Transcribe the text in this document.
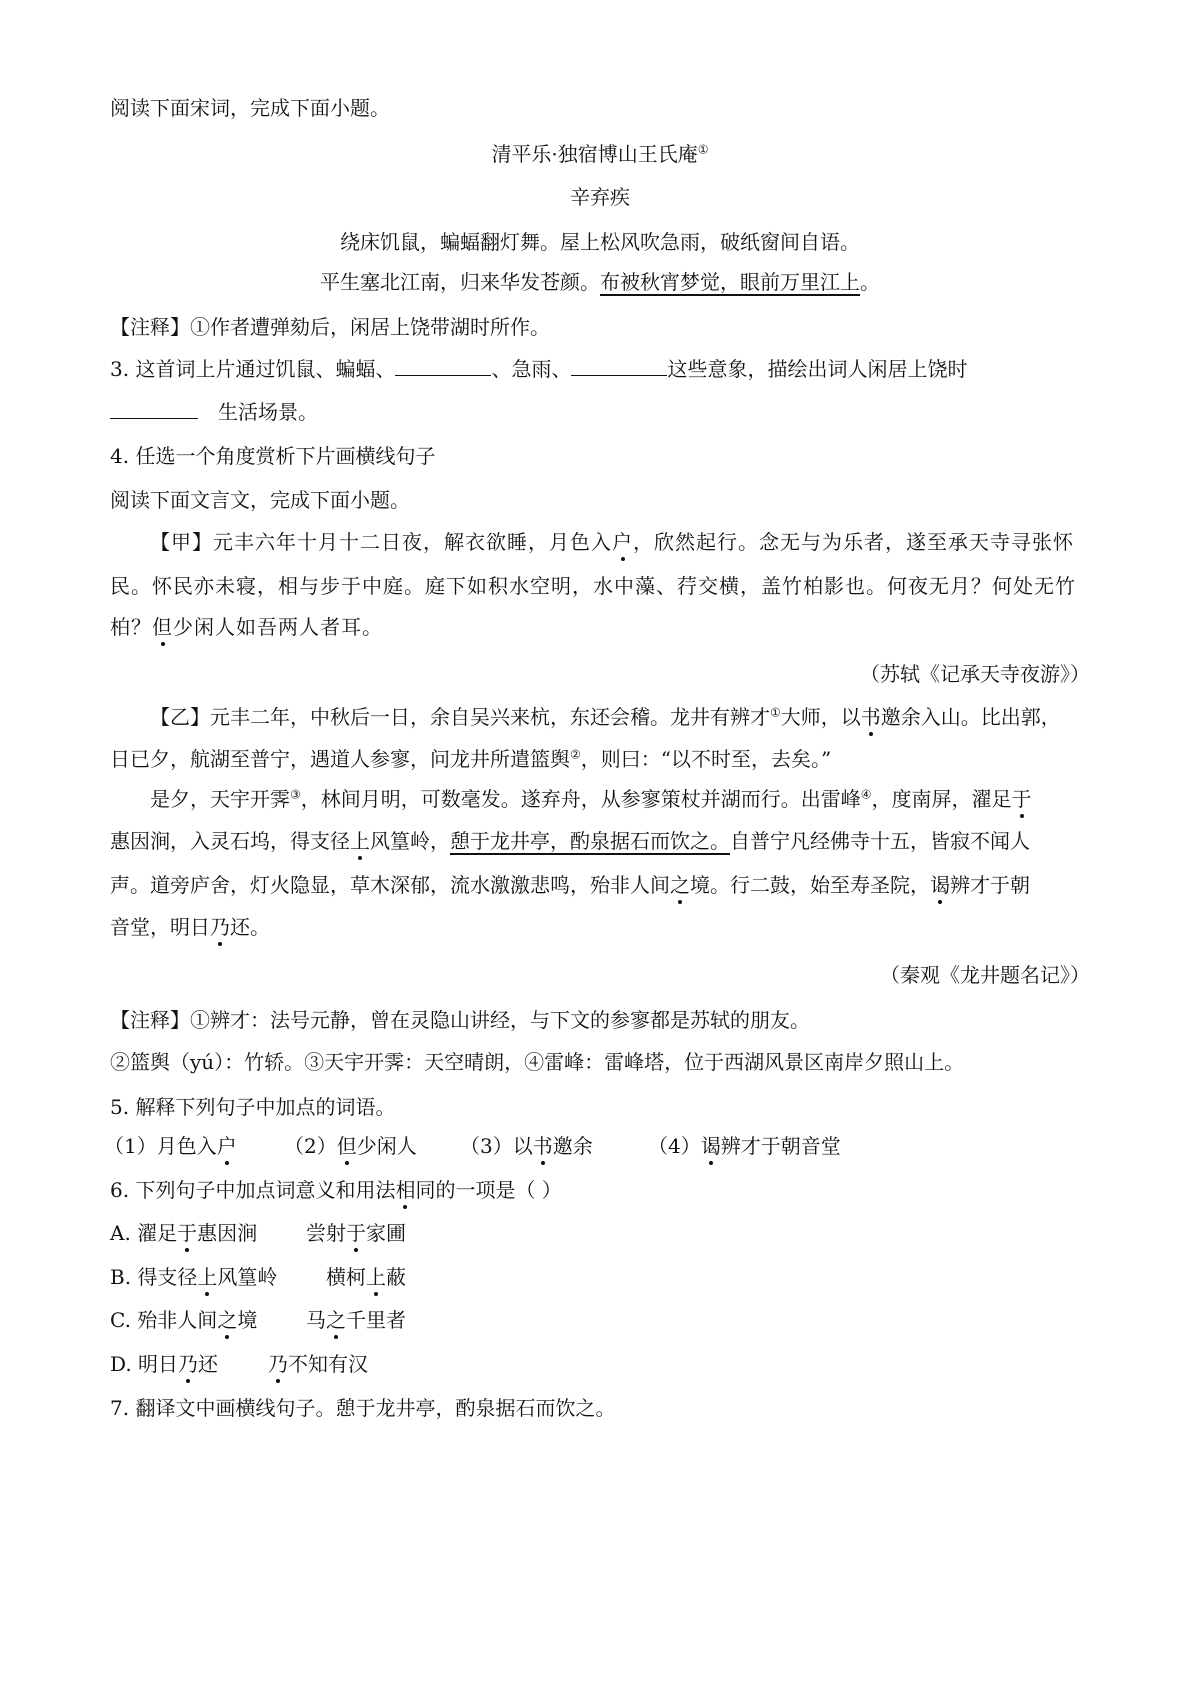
阅读下面宋词，完成下面小题。
清平乐·独宿博山王氏庵①
辛弃疾
绕床饥鼠，蝙蝠翻灯舞。屋上松风吹急雨，破纸窗间自语。
平生塞北江南，归来华发苍颜。布被秋宵梦觉，眼前万里江上。
【注释】①作者遭弹劾后，闲居上饶带湖时所作。
3. 这首词上片通过饥鼠、蝙蝠、	、急雨、	这些意象，描绘出词人闲居上饶时
生活场景。
4. 任选一个角度赏析下片画横线句子
阅读下面文言文，完成下面小题。
【甲】元丰六年十月十二日夜，解衣欲睡，月色入户，欣然起行。念无与为乐者，遂至承天寺寻张怀
民。怀民亦未寝，相与步于中庭。庭下如积水空明，水中藻、荇交横，盖竹柏影也。何夜无月？何处无竹
柏？但少闲人如吾两人者耳。
（苏轼《记承天寺夜游》）
【乙】元丰二年，中秋后一日，余自吴兴来杭，东还会稽。龙井有辨才①大师，以书邀余入山。比出郭，
日已夕，航湖至普宁，遇道人参寥，问龙井所遣篮舆②，则曰：“以不时至，去矣。”
是夕，天宇开霁③，林间月明，可数毫发。遂弃舟，从参寥策杖并湖而行。出雷峰④，度南屏，濯足于
惠因涧，入灵石坞，得支径上风篁岭，憩于龙井亭，酌泉据石而饮之。自普宁凡经佛寺十五，皆寂不闻人
声。道旁庐舍，灯火隐显，草木深郁，流水激激悲鸣，殆非人间之境。行二鼓，始至寿圣院，谒辨才于朝
音堂，明日乃还。
（秦观《龙井题名记》）
【注释】①辨才：法号元静，曾在灵隐山讲经，与下文的参寥都是苏轼的朋友。
②篮舆（yú）：竹轿。③天宇开霁：天空晴朗，④雷峰：雷峰塔，位于西湖风景区南岸夕照山上。
5. 解释下列句子中加点的词语。
（1）月色入户 （2）但少闲人 （3）以书邀余	（4）谒辨才于朝音堂
6. 下列句子中加点词意义和用法相同的一项是（ ）
A. 濯足于惠因涧 尝射于家圃
B. 得支径上风篁岭 横柯上蔽
C. 殆非人间之境 马之千里者
D. 明日乃还 乃不知有汉
7. 翻译文中画横线句子。憩于龙井亭，酌泉据石而饮之。
